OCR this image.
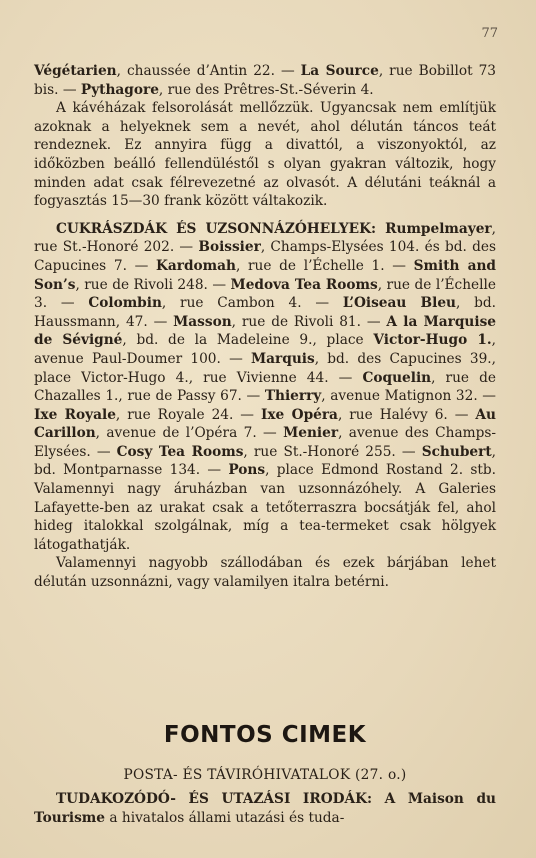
77

Végétarien, chaussée d’Antin 22. — La Source, rue Bobillot 73 bis. — Pythagore, rue des Prêtres-St.-Séverin 4.

A kávéházak felsorolását mellőzzük. Ugyancsak nem említjük azoknak a helyeknek sem a nevét, ahol délután táncos teát rendeznek. Ez annyira függ a divattól, a viszonyoktól, az időközben beálló fellendüléstől s olyan gyakran változik, hogy minden adat csak félrevezetné az olvasót. A délutáni teáknál a fogyasztás 15—30 frank között váltakozik.

CUKRÁSZDÁK ÉS UZSONNÁZÓHELYEK: Rumpelmayer, rue St.-Honoré 202. — Boissier, Champs-Elysées 104. és bd. des Capucines 7. — Kardomah, rue de l’Échelle 1. — Smith and Son’s, rue de Rivoli 248. — Medova Tea Rooms, rue de l’Échelle 3. — Colombin, rue Cambon 4. — L’Oiseau Bleu, bd. Haussmann, 47. — Masson, rue de Rivoli 81. — A la Marquise de Sévigné, bd. de la Madeleine 9., place Victor-Hugo 1., avenue Paul-Doumer 100. — Marquis, bd. des Capucines 39., place Victor-Hugo 4., rue Vivienne 44. — Coquelin, rue de Chazalles 1., rue de Passy 67. — Thierry, avenue Matignon 32. — Ixe Royale, rue Royale 24. — Ixe Opéra, rue Halévy 6. — Au Carillon, avenue de l’Opéra 7. — Menier, avenue des Champs-Elysées. — Cosy Tea Rooms, rue St.-Honoré 255. — Schubert, bd. Montparnasse 134. — Pons, place Edmond Rostand 2. stb. Valamennyi nagy áruházban van uzsonnázóhely. A Galeries Lafayette-ben az urakat csak a tetőterraszra bocsátják fel, ahol hideg italokkal szolgálnak, míg a tea-termeket csak hölgyek látogathatják.

Valamennyi nagyobb szállodában és ezek bárjában lehet délután uzsonnázni, vagy valamilyen italra betérni.

FONTOS CIMEK

POSTA- ÉS TÁVIRÓHIVATALOK (27. o.)

TUDAKOZÓDÓ- ÉS UTAZÁSI IRODÁK: A Maison du Tourisme a hivatalos állami utazási és tuda-
